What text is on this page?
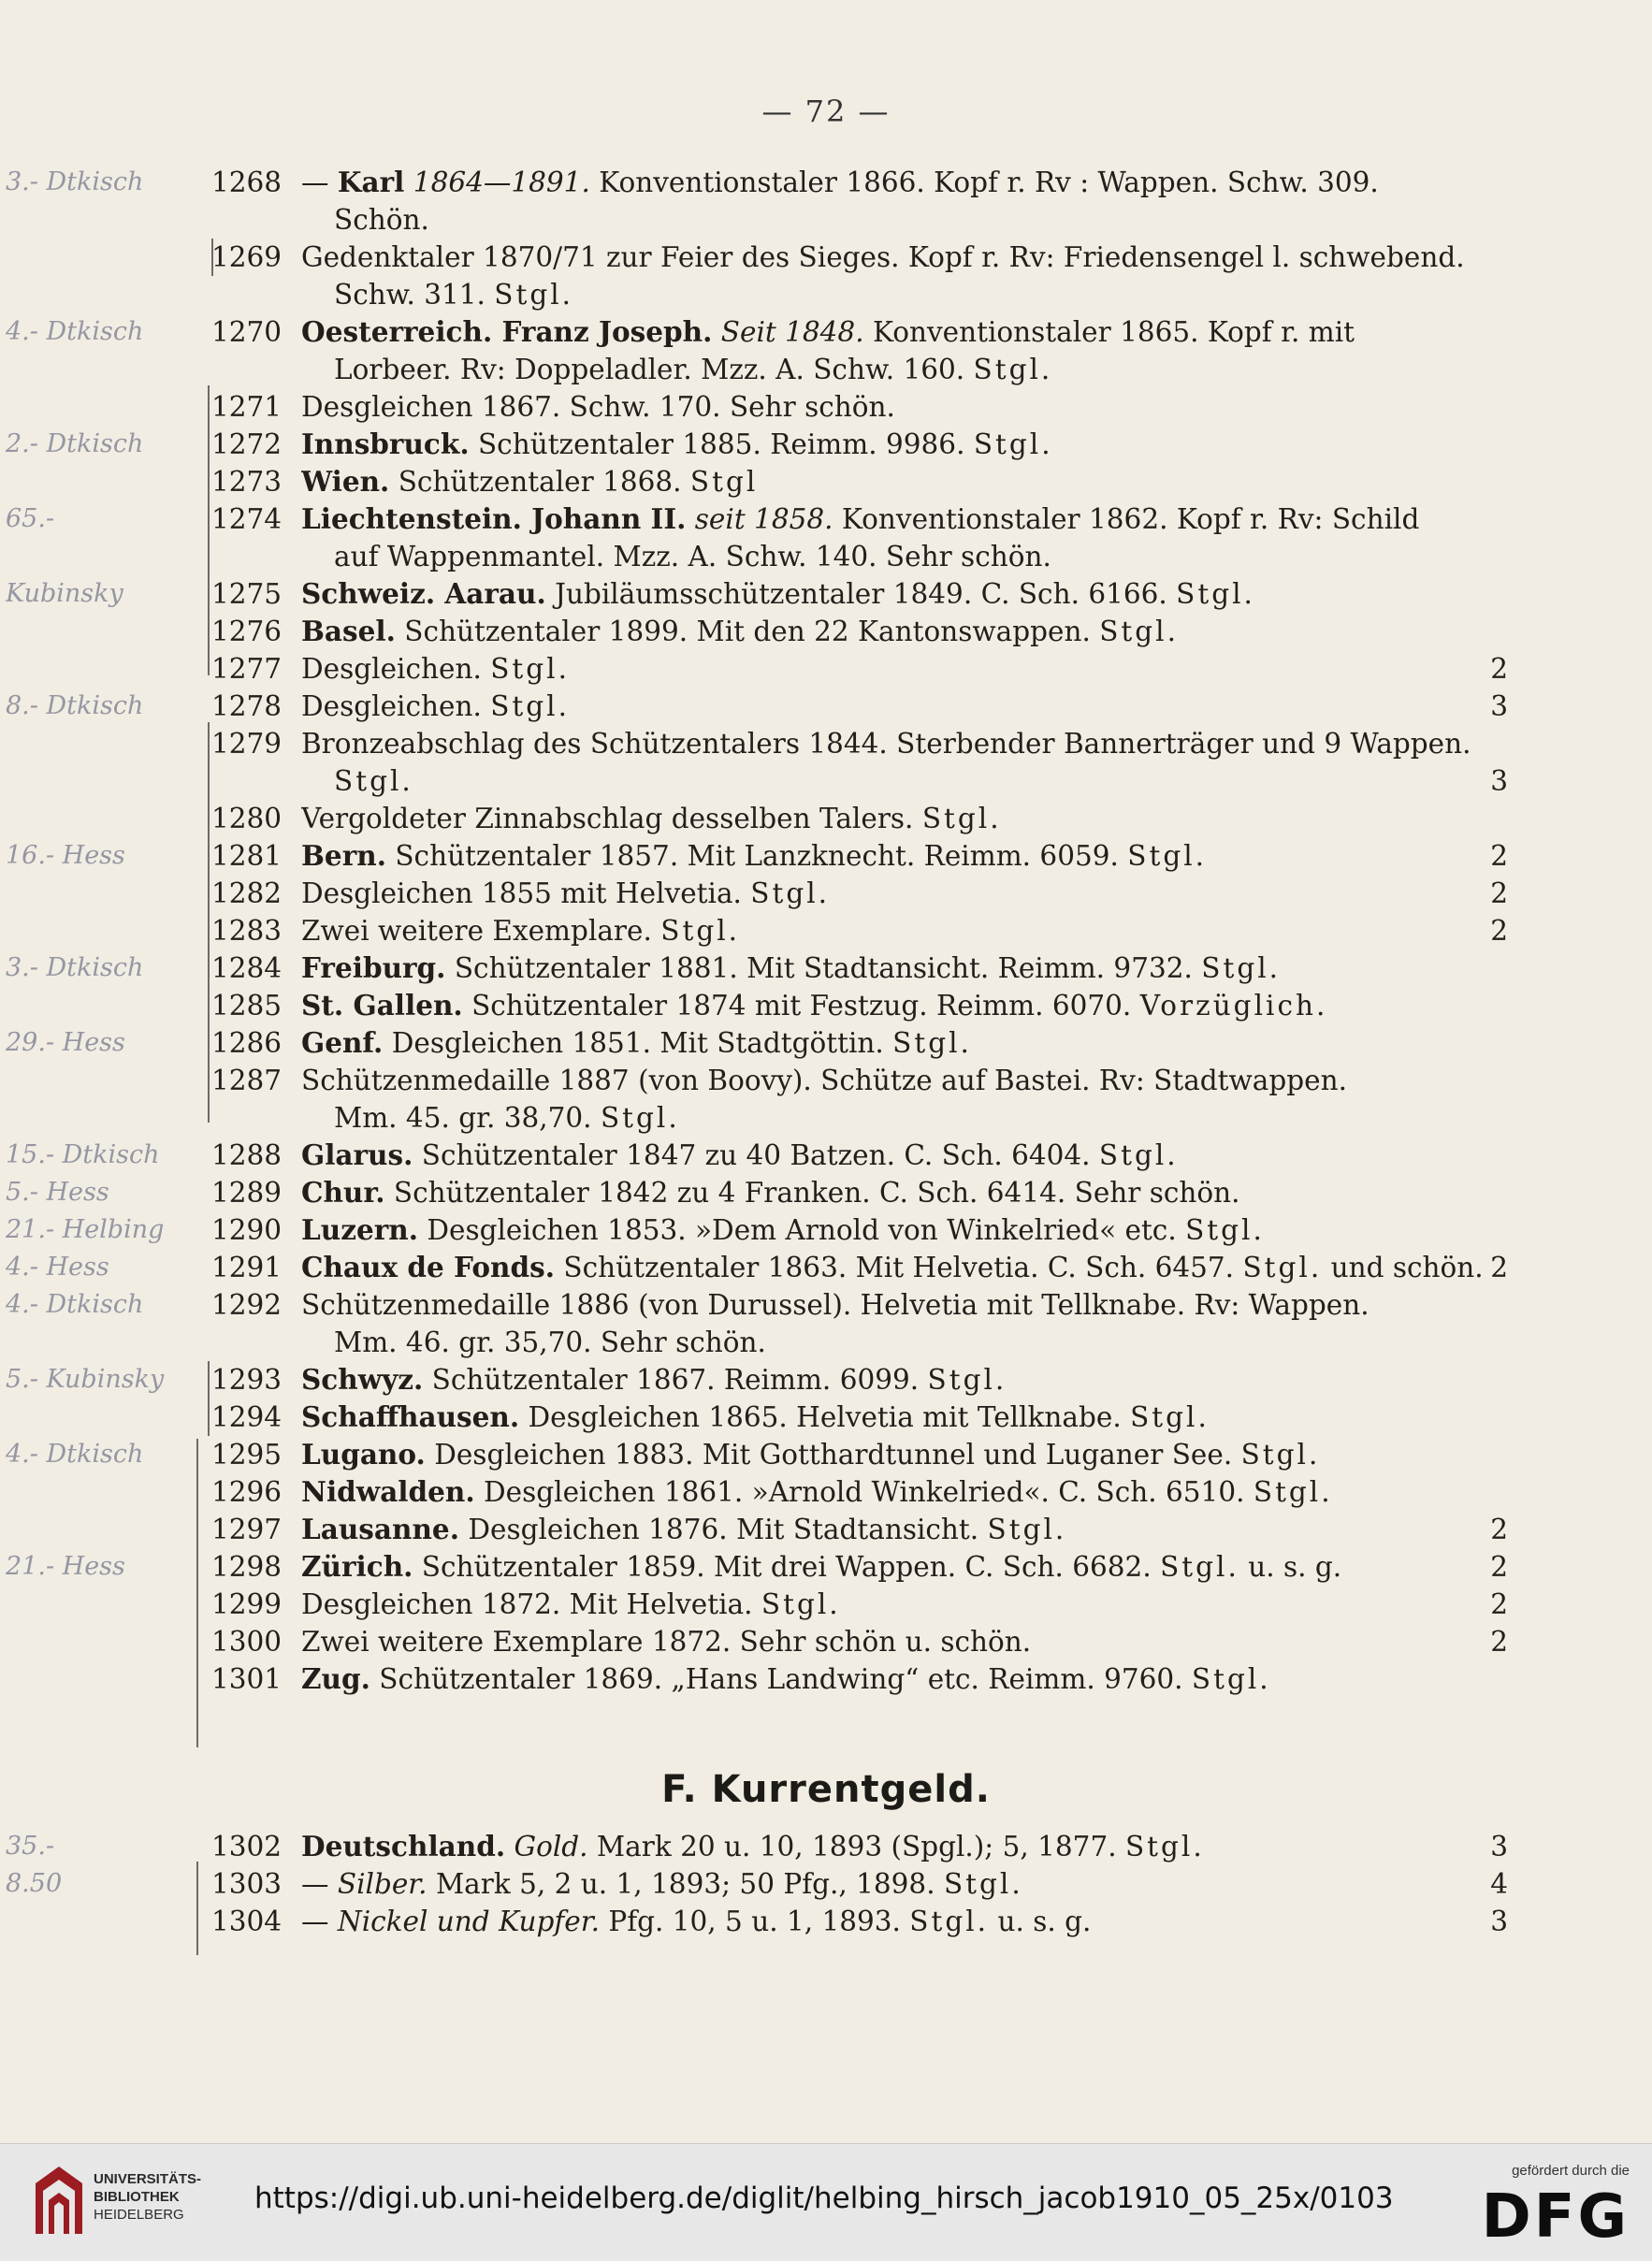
— 72 —
3.- Dtkisch	1268 — Karl 1864—1891. Konventionstaler 1866. Kopf r. Rv : Wappen. Schw. 309.
Schön.
1269 Gedenktaler 1870/71 zur Feier des Sieges. Kopf r. Rv: Friedensengel l. schwebend.
Schw. 311. Stgl.
4.- Dtkisch	1270 Oesterreich. Franz Joseph. Seit 1848. Konventionstaler 1865. Kopf r. mit
Lorbeer. Rv: Doppeladler. Mzz. A. Schw. 160. Stgl.
1271 Desgleichen 1867. Schw. 170. Sehr schön.
2.- Dtkisch	1272 Innsbruck. Schützentaler 1885. Reimm. 9986. Stgl.
1273 Wien. Schützentaler 1868. Stgl
65.-	1274 Liechtenstein. Johann II. seit 1858. Konventionstaler 1862. Kopf r. Rv: Schild
auf Wappenmantel. Mzz. A. Schw. 140. Sehr schön.
Kubinsky	1275 Schweiz. Aarau. Jubiläumsschützentaler 1849. C. Sch. 6166. Stgl.
1276 Basel. Schützentaler 1899. Mit den 22 Kantonswappen. Stgl.
1277 Desgleichen. Stgl.	2
8.- Dtkisch	1278 Desgleichen. Stgl.	3
1279 Bronzeabschlag des Schützentalers 1844. Sterbender Bannerträger und 9 Wappen.
Stgl.	3
1280 Vergoldeter Zinnabschlag desselben Talers. Stgl.
16.- Hess	1281 Bern. Schützentaler 1857. Mit Lanzknecht. Reimm. 6059. Stgl.	2
1282 Desgleichen 1855 mit Helvetia. Stgl.	2
1283 Zwei weitere Exemplare. Stgl.	2
3.- Dtkisch	1284 Freiburg. Schützentaler 1881. Mit Stadtansicht. Reimm. 9732. Stgl.
1285 St. Gallen. Schützentaler 1874 mit Festzug. Reimm. 6070. Vorzüglich.
29.- Hess	1286 Genf. Desgleichen 1851. Mit Stadtgöttin. Stgl.
1287 Schützenmedaille 1887 (von Boovy). Schütze auf Bastei. Rv: Stadtwappen.
Mm. 45. gr. 38,70. Stgl.
15.- Dtkisch	1288 Glarus. Schützentaler 1847 zu 40 Batzen. C. Sch. 6404. Stgl.
5.- Hess	1289 Chur. Schützentaler 1842 zu 4 Franken. C. Sch. 6414. Sehr schön.
21.- Helbing	1290 Luzern. Desgleichen 1853. »Dem Arnold von Winkelried« etc. Stgl.
4.- Hess	1291 Chaux de Fonds. Schützentaler 1863. Mit Helvetia. C. Sch. 6457. Stgl. und schön. 2
4.- Dtkisch	1292 Schützenmedaille 1886 (von Durussel). Helvetia mit Tellknabe. Rv: Wappen.
Mm. 46. gr. 35,70. Sehr schön.
5.- Kubinsky	1293 Schwyz. Schützentaler 1867. Reimm. 6099. Stgl.
1294 Schaffhausen. Desgleichen 1865. Helvetia mit Tellknabe. Stgl.
4.- Dtkisch	1295 Lugano. Desgleichen 1883. Mit Gotthardtunnel und Luganer See. Stgl.
1296 Nidwalden. Desgleichen 1861. »Arnold Winkelried«. C. Sch. 6510. Stgl.
1297 Lausanne. Desgleichen 1876. Mit Stadtansicht. Stgl.	2
21.- Hess	1298 Zürich. Schützentaler 1859. Mit drei Wappen. C. Sch. 6682. Stgl. u. s. g.	2
1299 Desgleichen 1872. Mit Helvetia. Stgl.	2
1300 Zwei weitere Exemplare 1872. Sehr schön u. schön.	2
1301 Zug. Schützentaler 1869. „Hans Landwing“ etc. Reimm. 9760. Stgl.
F. Kurrentgeld.
35.-	1302 Deutschland. Gold. Mark 20 u. 10, 1893 (Spgl.); 5, 1877. Stgl.	3
8.50	1303 — Silber. Mark 5, 2 u. 1, 1893; 50 Pfg., 1898. Stgl.	4
1304 — Nickel und Kupfer. Pfg. 10, 5 u. 1, 1893. Stgl. u. s. g.	3
UNIVERSITÄTS-
BIBLIOTHEK
HEIDELBERG	https://digi.ub.uni-heidelberg.de/diglit/helbing_hirsch_jacob1910_05_25x/0103
gefördert durch die
DFG
